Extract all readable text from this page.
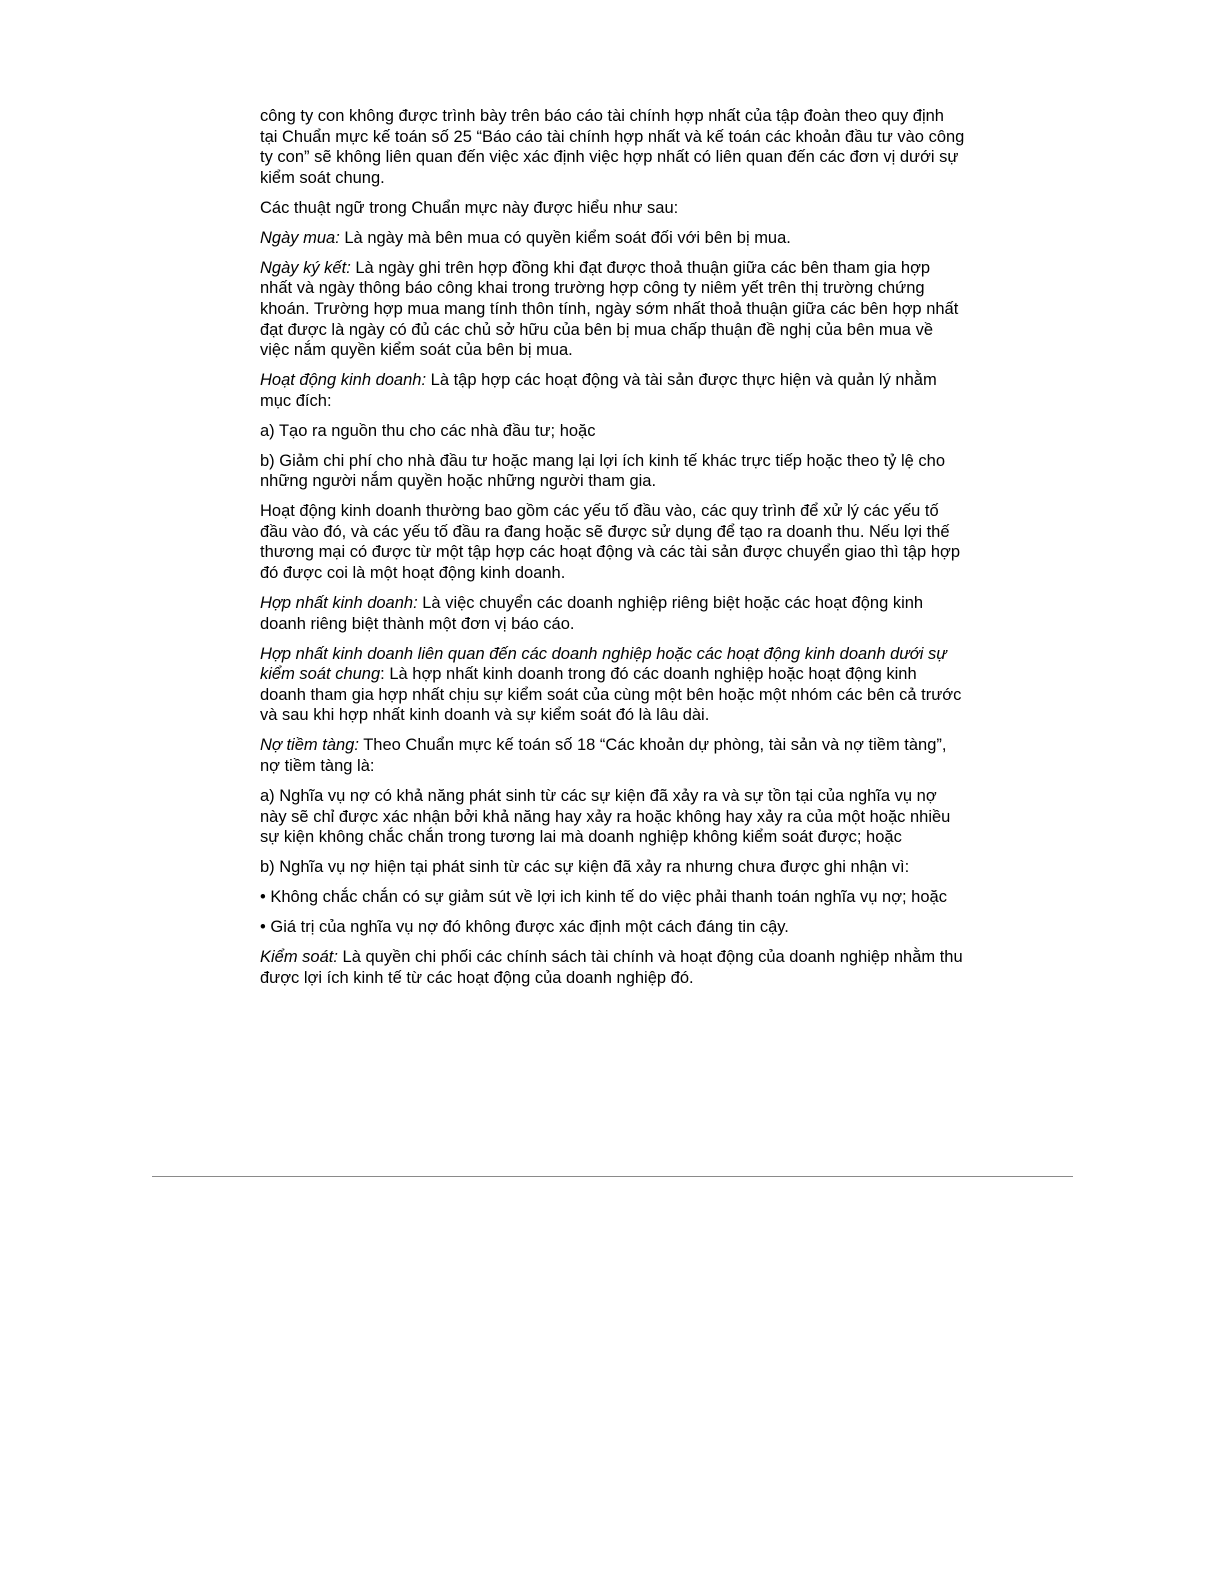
công ty con không được trình bày trên báo cáo tài chính hợp nhất của tập đoàn theo quy định tại Chuẩn mực kế toán số 25 “Báo cáo tài chính hợp nhất và kế toán các khoản đầu tư vào công ty con” sẽ không liên quan đến việc xác định việc hợp nhất có liên quan đến các đơn vị dưới sự kiểm soát chung.

Các thuật ngữ trong Chuẩn mực này được hiểu như sau:

Ngày mua: Là ngày mà bên mua có quyền kiểm soát đối với bên bị mua.

Ngày ký kết: Là ngày ghi trên hợp đồng khi đạt được thoả thuận giữa các bên tham gia hợp nhất và ngày thông báo công khai trong trường hợp công ty niêm yết trên thị trường chứng khoán. Trường hợp mua mang tính thôn tính, ngày sớm nhất thoả thuận giữa các bên hợp nhất đạt được là ngày có đủ các chủ sở hữu của bên bị mua chấp thuận đề nghị của bên mua về việc nắm quyền kiểm soát của bên bị mua.

Hoạt động kinh doanh: Là tập hợp các hoạt động và tài sản được thực hiện và quản lý nhằm mục đích:

a) Tạo ra nguồn thu cho các nhà đầu tư; hoặc

b) Giảm chi phí cho nhà đầu tư hoặc mang lại lợi ích kinh tế khác trực tiếp hoặc theo tỷ lệ cho những người nắm quyền hoặc những người tham gia.

Hoạt động kinh doanh thường bao gồm các yếu tố đầu vào, các quy trình để xử lý các yếu tố đầu vào đó, và các yếu tố đầu ra đang hoặc sẽ được sử dụng để tạo ra doanh thu. Nếu lợi thế thương mại có được từ một tập hợp các hoạt động và các tài sản được chuyển giao thì tập hợp đó được coi là một hoạt động kinh doanh.

Hợp nhất kinh doanh: Là việc chuyển các doanh nghiệp riêng biệt hoặc các hoạt động kinh doanh riêng biệt thành một đơn vị báo cáo.

Hợp nhất kinh doanh liên quan đến các doanh nghiệp hoặc các hoạt động kinh doanh dưới sự kiểm soát chung: Là hợp nhất kinh doanh trong đó các doanh nghiệp hoặc hoạt động kinh doanh tham gia hợp nhất chịu sự kiểm soát của cùng một bên hoặc một nhóm các bên cả trước và sau khi hợp nhất kinh doanh và sự kiểm soát đó là lâu dài.

Nợ tiềm tàng: Theo Chuẩn mực kế toán số 18 “Các khoản dự phòng, tài sản và nợ tiềm tàng”, nợ tiềm tàng là:

a) Nghĩa vụ nợ có khả năng phát sinh từ các sự kiện đã xảy ra và sự tồn tại của nghĩa vụ nợ này sẽ chỉ được xác nhận bởi khả năng hay xảy ra hoặc không hay xảy ra của một hoặc nhiều sự kiện không chắc chắn trong tương lai mà doanh nghiệp không kiểm soát được; hoặc

b) Nghĩa vụ nợ hiện tại phát sinh từ các sự kiện đã xảy ra nhưng chưa được ghi nhận vì:

• Không chắc chắn có sự giảm sút về lợi ich kinh tế do việc phải thanh toán nghĩa vụ nợ; hoặc

• Giá trị của nghĩa vụ nợ đó không được xác định một cách đáng tin cậy.

Kiểm soát: Là quyền chi phối các chính sách tài chính và hoạt động của doanh nghiệp nhằm thu được lợi ích kinh tế từ các hoạt động của doanh nghiệp đó.
